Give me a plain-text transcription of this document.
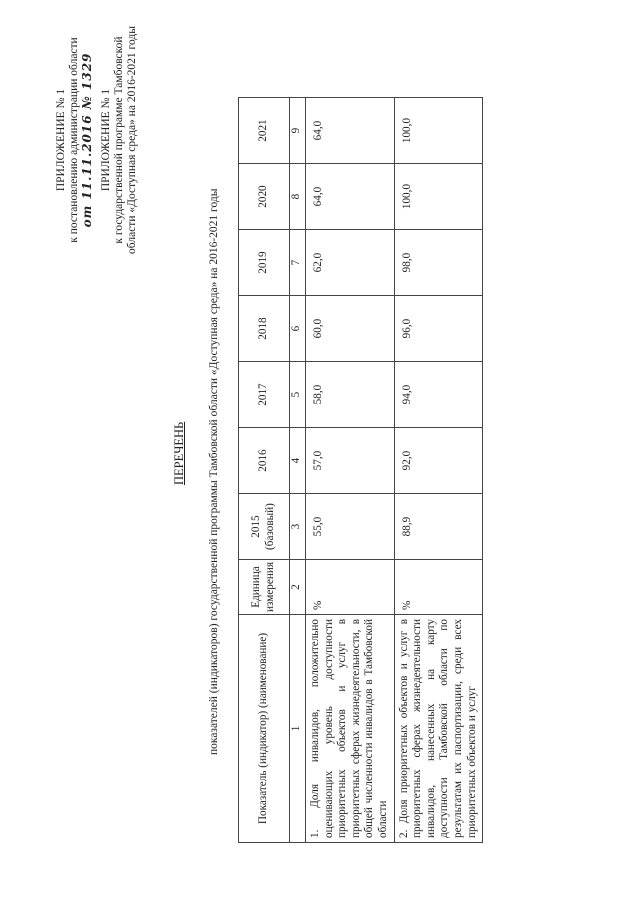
ПРИЛОЖЕНИЕ № 1 к постановлению администрации области от 11.11.2016 № 1329 ПРИЛОЖЕНИЕ № 1 к государственной программе Тамбовской области «Доступная среда» на 2016-2021 годы
ПЕРЕЧЕНЬ показателей (индикаторов) государственной программы Тамбовской области «Доступная среда» на 2016-2021 годы	Показатель (индикатор) (наименование)	Единица измерения	2015 (базовый)	2016	2017	2018	2019	2020	2021
1	2	3	4	5	6	7	8	9
1. Доля инвалидов, положительно оценивающих уровень доступности приоритетных объектов и услуг в приоритетных сферах жизнедеятельности, в общей численности инвалидов в Тамбовской области	%	55,0	57,0	58,0	60,0	62,0	64,0	64,0
2. Доля приоритетных объектов и услуг в приоритетных сферах жизнедеятельности инвалидов, нанесенных на карту доступности Тамбовской области по результатам их паспортизации, среди всех приоритетных объектов и услуг	%	88,9	92,0	94,0	96,0	98,0	100,0	100,0
